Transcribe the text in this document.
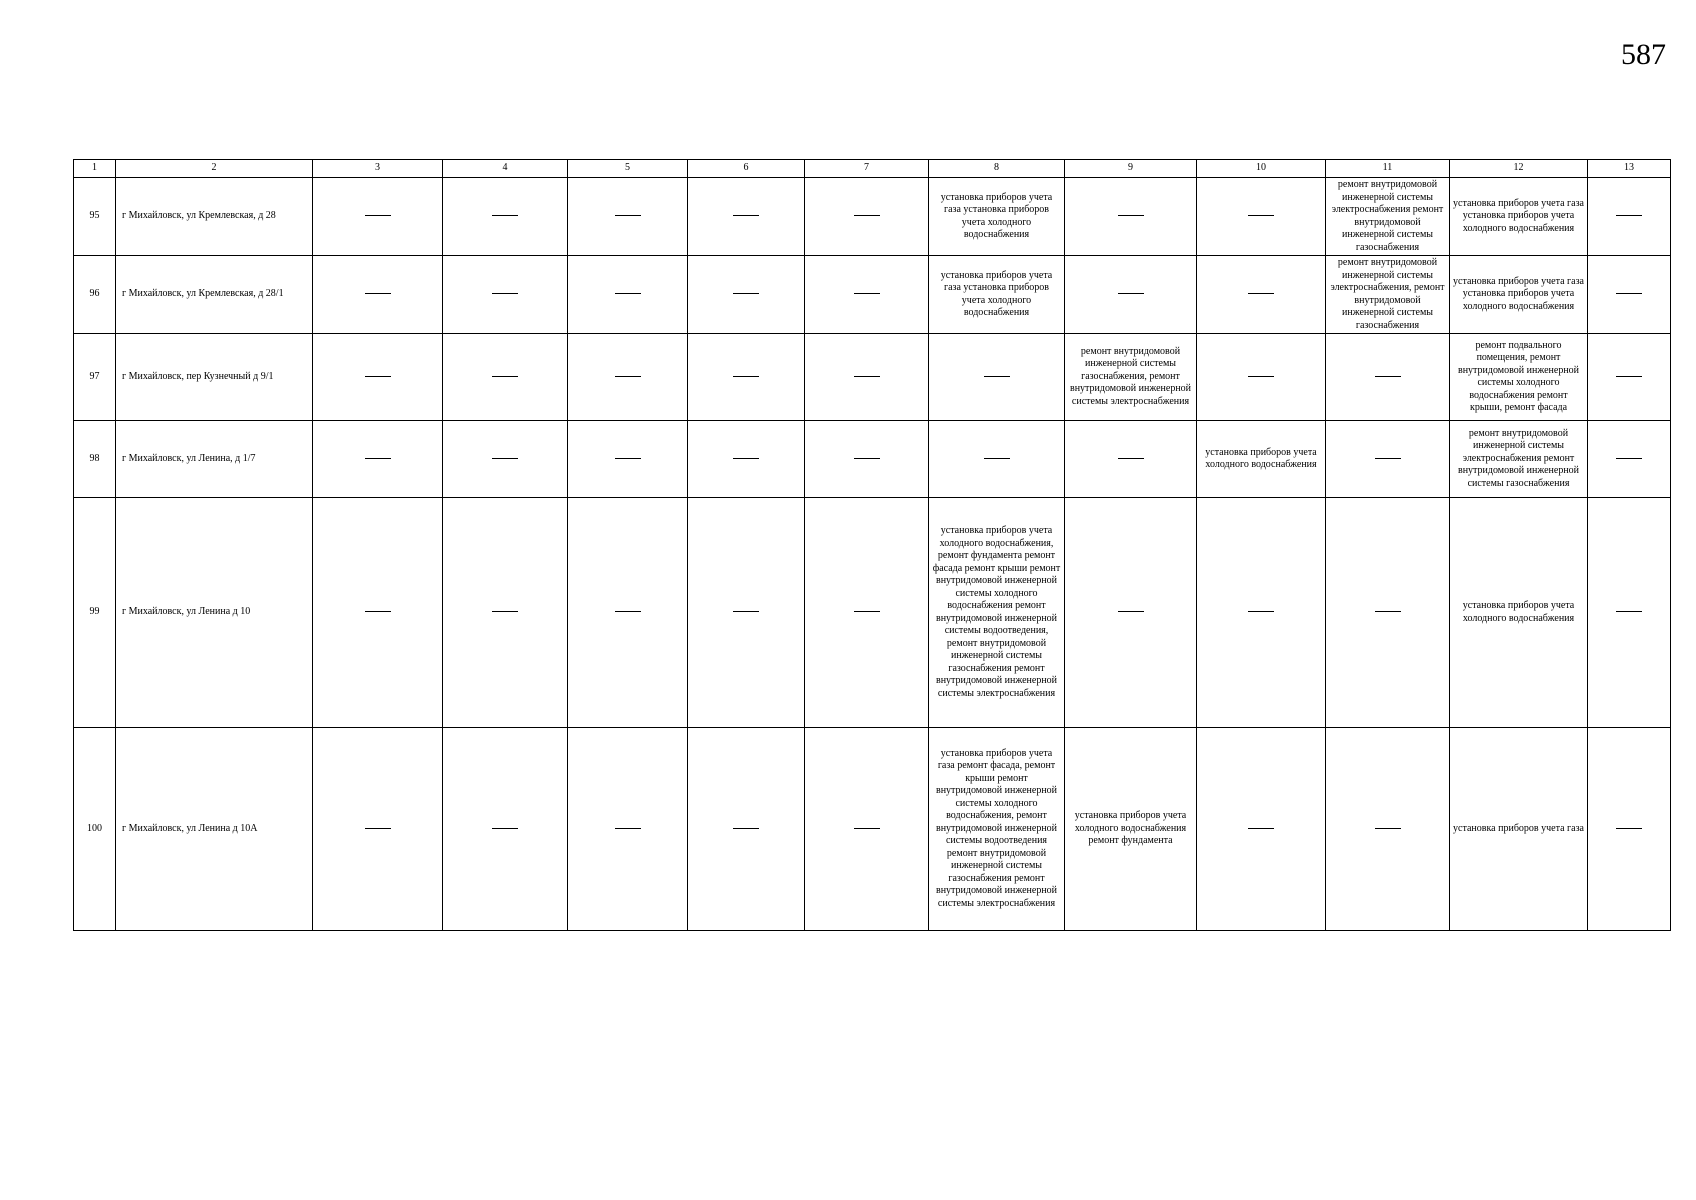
587
1	2	3	4	5	6	7	8	9	10	11	12	13
95	г Михайловск, ул Кремлевская, д 28						установка приборов учета газа установка приборов учета холодного водоснабжения			ремонт внутридомовой инженерной системы электроснабжения ремонт внутридомовой инженерной системы газоснабжения	установка приборов учета газа установка приборов учета холодного водоснабжения	
96	г Михайловск, ул Кремлевская, д 28/1						установка приборов учета газа установка приборов учета холодного водоснабжения			ремонт внутридомовой инженерной системы электроснабжения, ремонт внутридомовой инженерной системы газоснабжения	установка приборов учета газа установка приборов учета холодного водоснабжения	
97	г Михайловск, пер Кузнечный д 9/1							ремонт внутридомовой инженерной системы газоснабжения, ремонт внутридомовой инженерной системы электроснабжения			ремонт подвального помещения, ремонт внутридомовой инженерной системы холодного водоснабжения ремонт крыши, ремонт фасада	
98	г Михайловск, ул Ленина, д 1/7								установка приборов учета холодного водоснабжения		ремонт внутридомовой инженерной системы электроснабжения ремонт внутридомовой инженерной системы газоснабжения	
99	г Михайловск, ул Ленина д 10						установка приборов учета холодного водоснабжения, ремонт фундамента ремонт фасада ремонт крыши ремонт внутридомовой инженерной системы холодного водоснабжения ремонт внутридомовой инженерной системы водоотведения, ремонт внутридомовой инженерной системы газоснабжения ремонт внутридомовой инженерной системы электроснабжения				установка приборов учета холодного водоснабжения	
100	г Михайловск, ул Ленина д 10А						установка приборов учета газа ремонт фасада, ремонт крыши ремонт внутридомовой инженерной системы холодного водоснабжения, ремонт внутридомовой инженерной системы водоотведения ремонт внутридомовой инженерной системы газоснабжения ремонт внутридомовой инженерной системы электроснабжения	установка приборов учета холодного водоснабжения ремонт фундамента			установка приборов учета газа	
